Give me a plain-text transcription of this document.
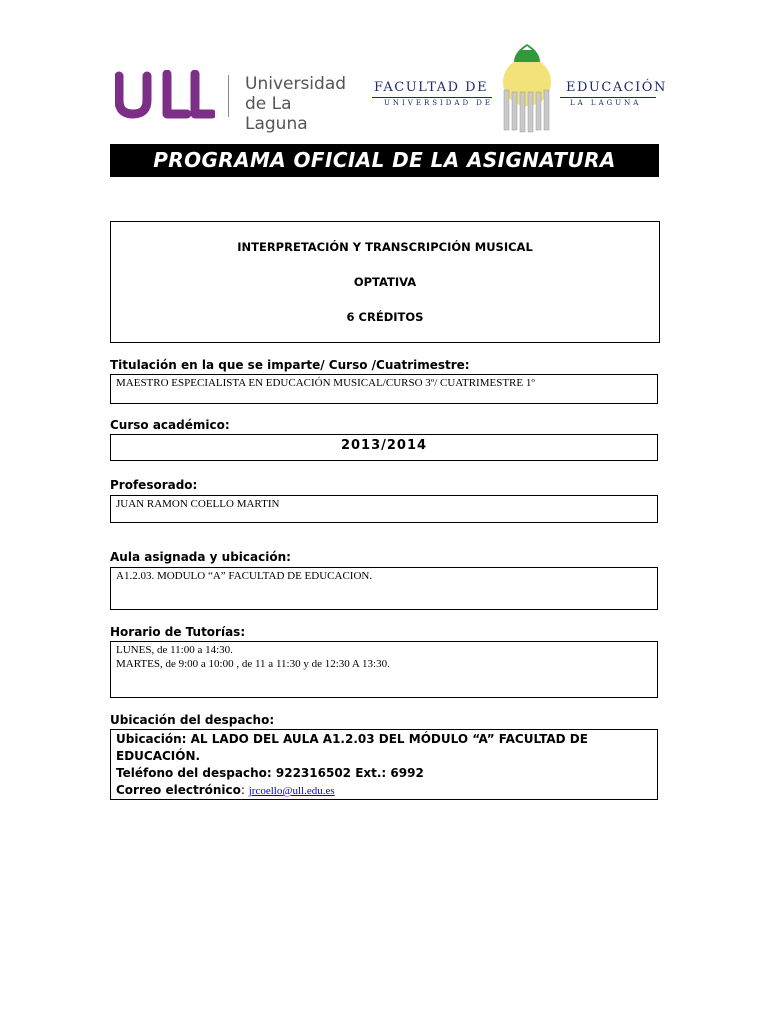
Universidad
de La Laguna
FACULTAD DE
UNIVERSIDAD DE
EDUCACIÓN
LA LAGUNA
PROGRAMA OFICIAL DE LA ASIGNATURA
INTERPRETACIÓN Y TRANSCRIPCIÓN MUSICAL
OPTATIVA
6 CRÉDITOS
Titulación en la que se imparte/ Curso /Cuatrimestre:
MAESTRO ESPECIALISTA EN EDUCACIÓN MUSICAL/CURSO 3º/ CUATRIMESTRE 1º
Curso académico:
2013/2014
Profesorado:
JUAN RAMON COELLO MARTIN
Aula asignada y ubicación:
A1.2.03. MODULO “A” FACULTAD DE EDUCACION.
Horario de Tutorías:
LUNES, de 11:00 a 14:30.
MARTES, de 9:00 a 10:00 , de 11 a 11:30 y de 12:30 A 13:30.
Ubicación del despacho:
Ubicación: AL LADO DEL AULA A1.2.03 DEL MÓDULO “A” FACULTAD DE
EDUCACIÓN.
Teléfono del despacho: 922316502 Ext.: 6992
Correo electrónico: jrcoello@ull.edu.es
